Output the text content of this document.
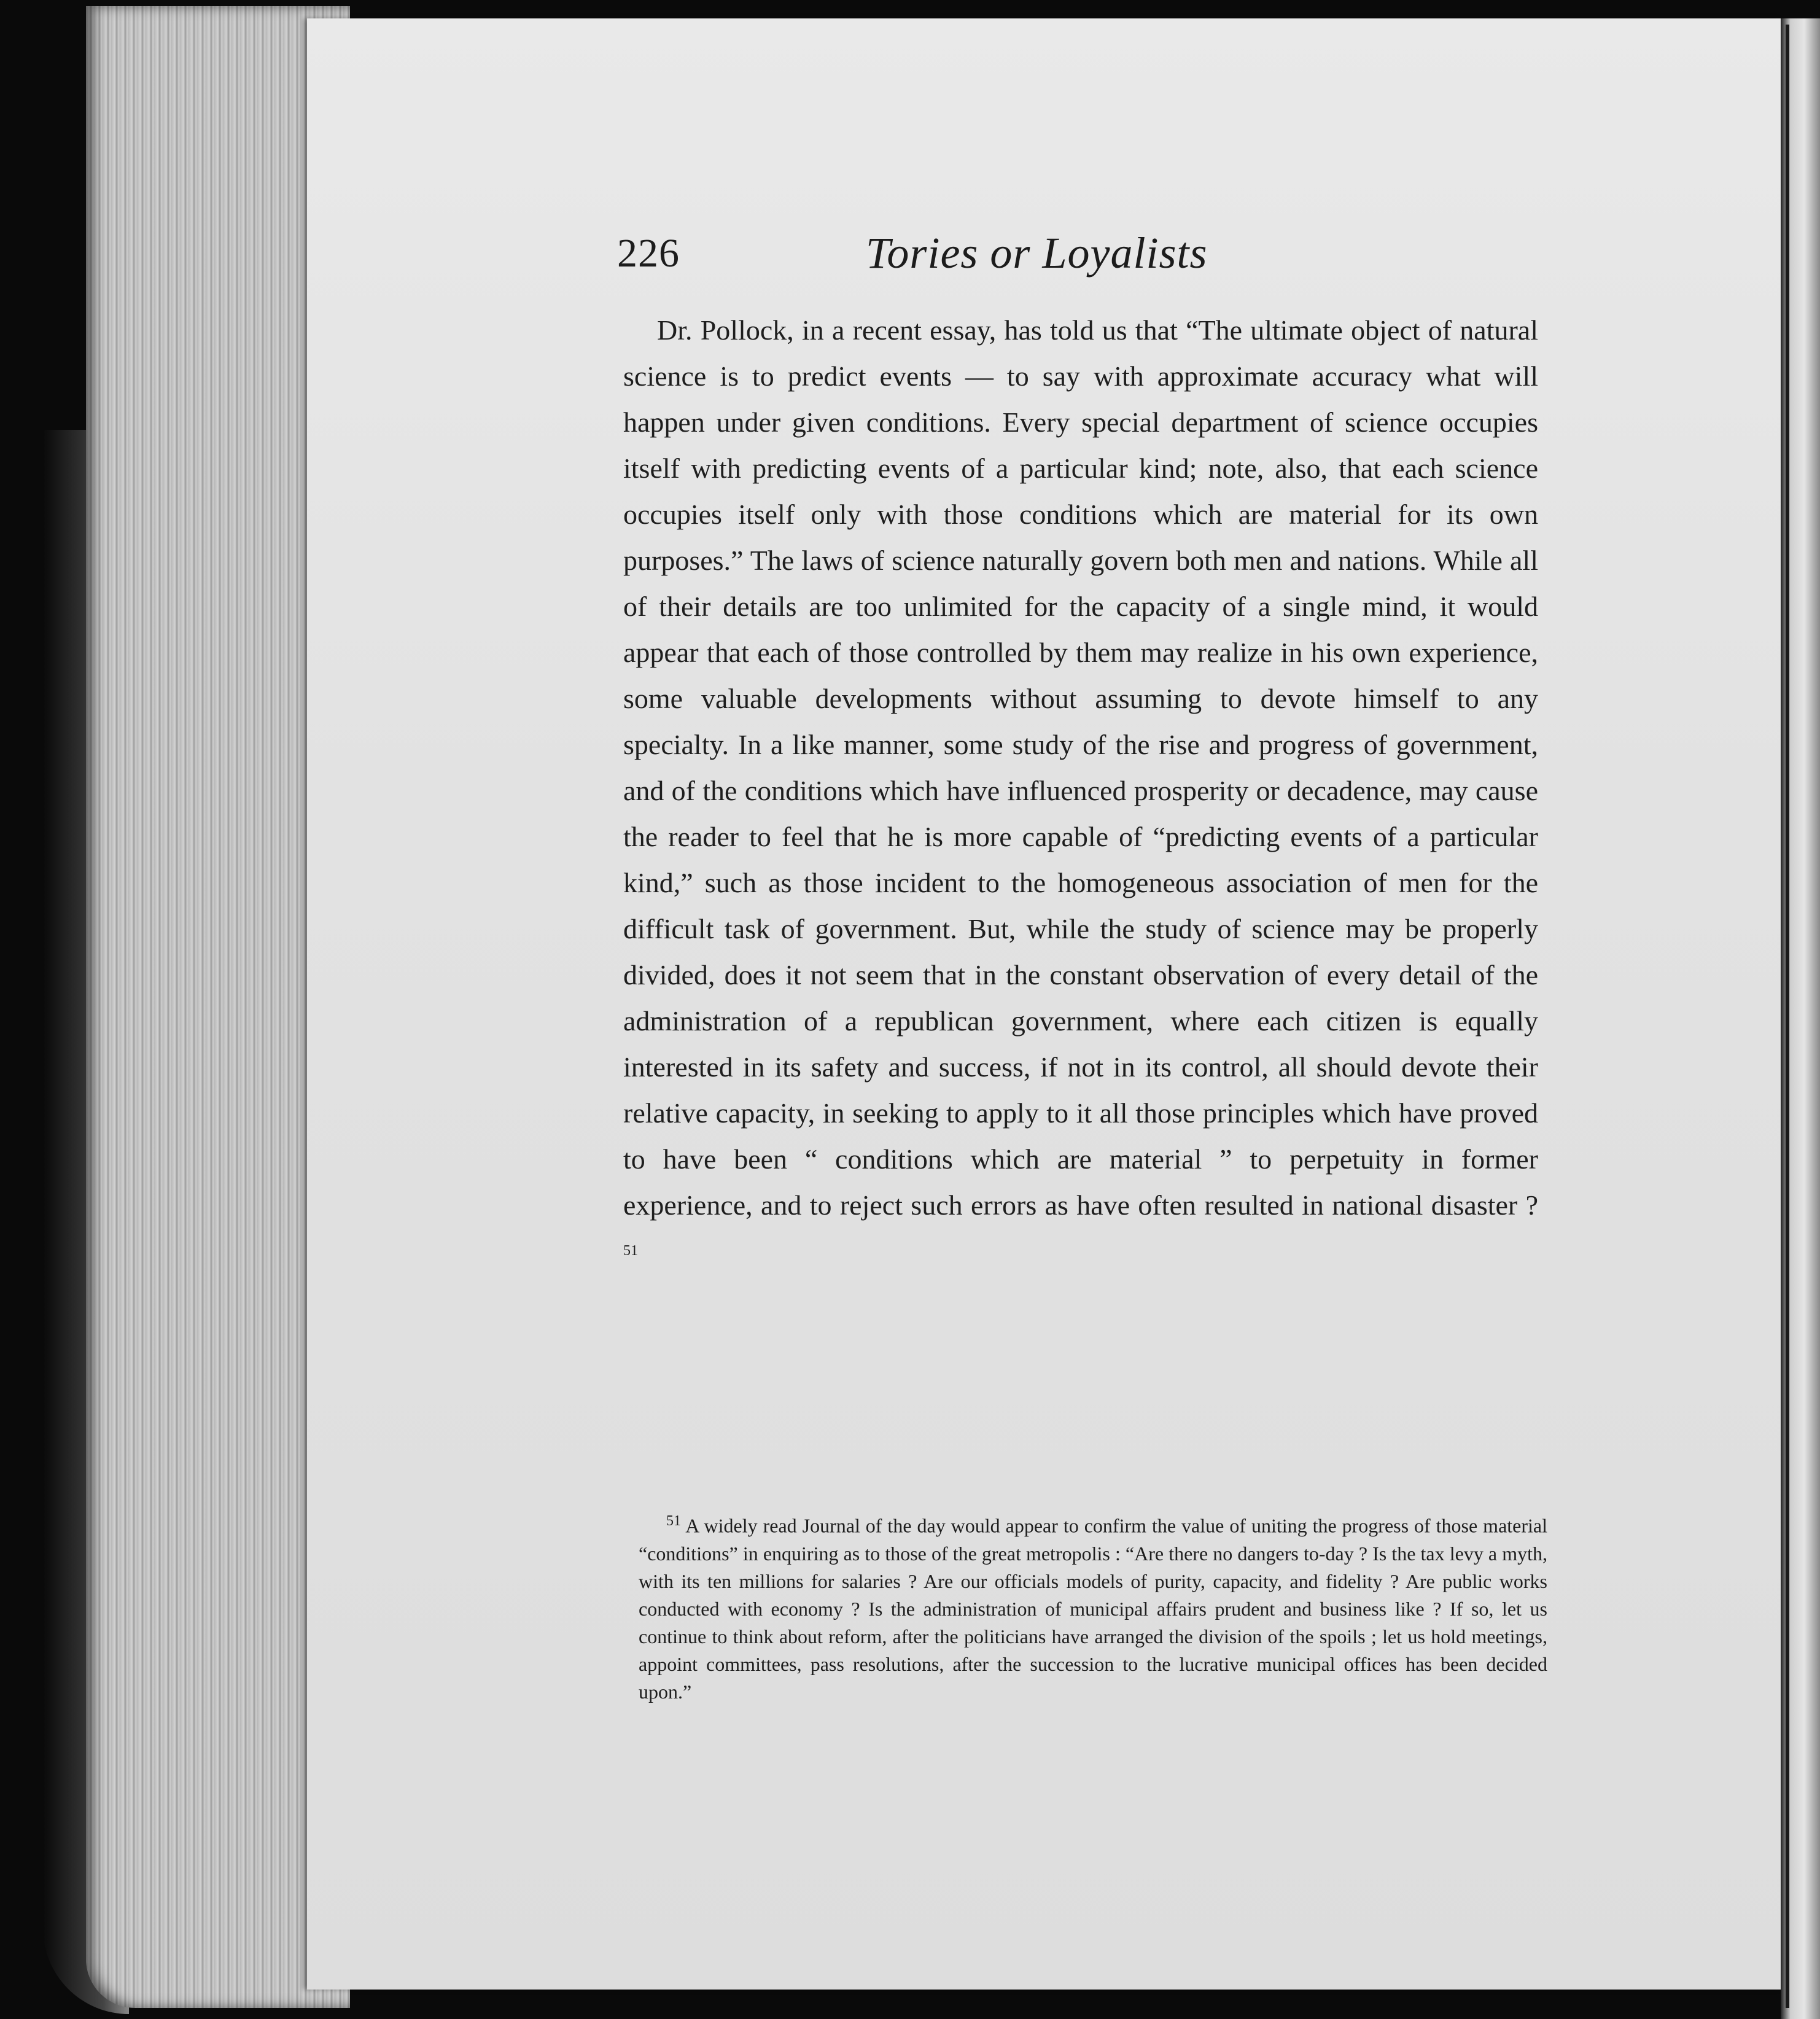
226	Tories or Loyalists

Dr. Pollock, in a recent essay, has told us that “The ultimate object of natural science is to predict events — to say with approximate accuracy what will happen under given conditions. Every special department of science occupies itself with predicting events of a particular kind; note, also, that each science occupies itself only with those conditions which are material for its own purposes.” The laws of science naturally govern both men and nations. While all of their details are too unlimited for the capacity of a single mind, it would appear that each of those controlled by them may realize in his own experience, some valuable developments without assuming to devote himself to any specialty. In a like manner, some study of the rise and progress of government, and of the conditions which have influenced prosperity or decadence, may cause the reader to feel that he is more capable of “predicting events of a particular kind,” such as those incident to the homogeneous association of men for the difficult task of government. But, while the study of science may be properly divided, does it not seem that in the constant observation of every detail of the administration of a republican government, where each citizen is equally interested in its safety and success, if not in its control, all should devote their relative capacity, in seeking to apply to it all those principles which have proved to have been “ conditions which are material ” to perpetuity in former experience, and to reject such errors as have often resulted in national disaster ? $^{51}$

$^{51}$ A widely read Journal of the day would appear to confirm the value of uniting the progress of those material “conditions” in enquiring as to those of the great metropolis : “Are there no dangers to-day ? Is the tax levy a myth, with its ten millions for salaries ? Are our officials models of purity, capacity, and fidelity ? Are public works conducted with economy ? Is the administration of municipal affairs prudent and business like ? If so, let us continue to think about reform, after the politicians have arranged the division of the spoils ; let us hold meetings, appoint committees, pass resolutions, after the succession to the lucrative municipal offices has been decided upon.”
